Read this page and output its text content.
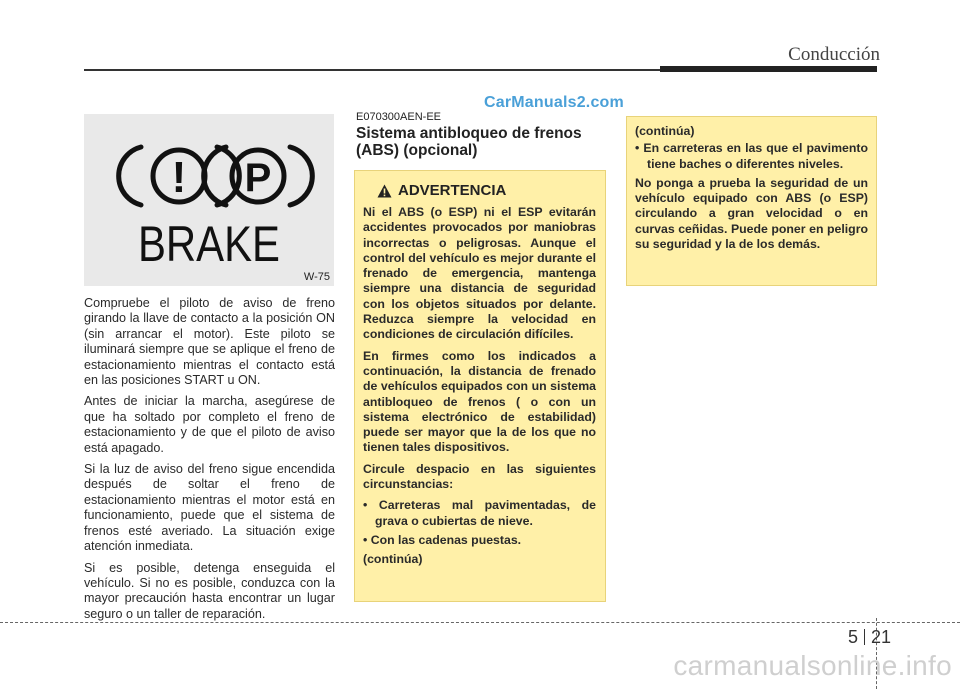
Conducción
CarManuals2.com
! P
BRAKE
W-75

Compruebe el piloto de aviso de freno girando la llave de contacto a la posición ON (sin arrancar el motor). Este piloto se iluminará siempre que se aplique el freno de estacionamiento mientras el contacto está en las posiciones START u ON.

Antes de iniciar la marcha, asegúrese de que ha soltado por completo el freno de estacionamiento y de que el piloto de aviso está apagado.

Si la luz de aviso del freno sigue encendida después de soltar el freno de estacionamiento mientras el motor está en funcionamiento, puede que el sistema de frenos esté averiado. La situación exige atención inmediata.

Si es posible, detenga enseguida el vehículo. Si no es posible, conduzca con la mayor precaución hasta encontrar un lugar seguro o un taller de reparación.

E070300AEN-EE
Sistema antibloqueo de frenos (ABS) (opcional)
ADVERTENCIA

Ni el ABS (o ESP) ni el ESP evitarán accidentes provocados por maniobras incorrectas o peligrosas. Aunque el control del vehículo es mejor durante el frenado de emergencia, mantenga siempre una distancia de seguridad con los objetos situados por delante. Reduzca siempre la velocidad en condiciones de circulación difíciles.

En firmes como los indicados a continuación, la distancia de frenado de vehículos equipados con un sistema antibloqueo de frenos ( o con un sistema electrónico de estabilidad) puede ser mayor que la de los que no tienen tales dispositivos.

Circule despacio en las siguientes circunstancias:

• Carreteras mal pavimentadas, de grava o cubiertas de nieve.

• Con las cadenas puestas.

(continúa)

(continúa)

• En carreteras en las que el pavimento tiene baches o diferentes niveles.

No ponga a prueba la seguridad de un vehículo equipado con ABS (o ESP) circulando a gran velocidad o en curvas ceñidas. Puede poner en peligro su seguridad y la de los demás.

5 21
carmanualsonline.info
